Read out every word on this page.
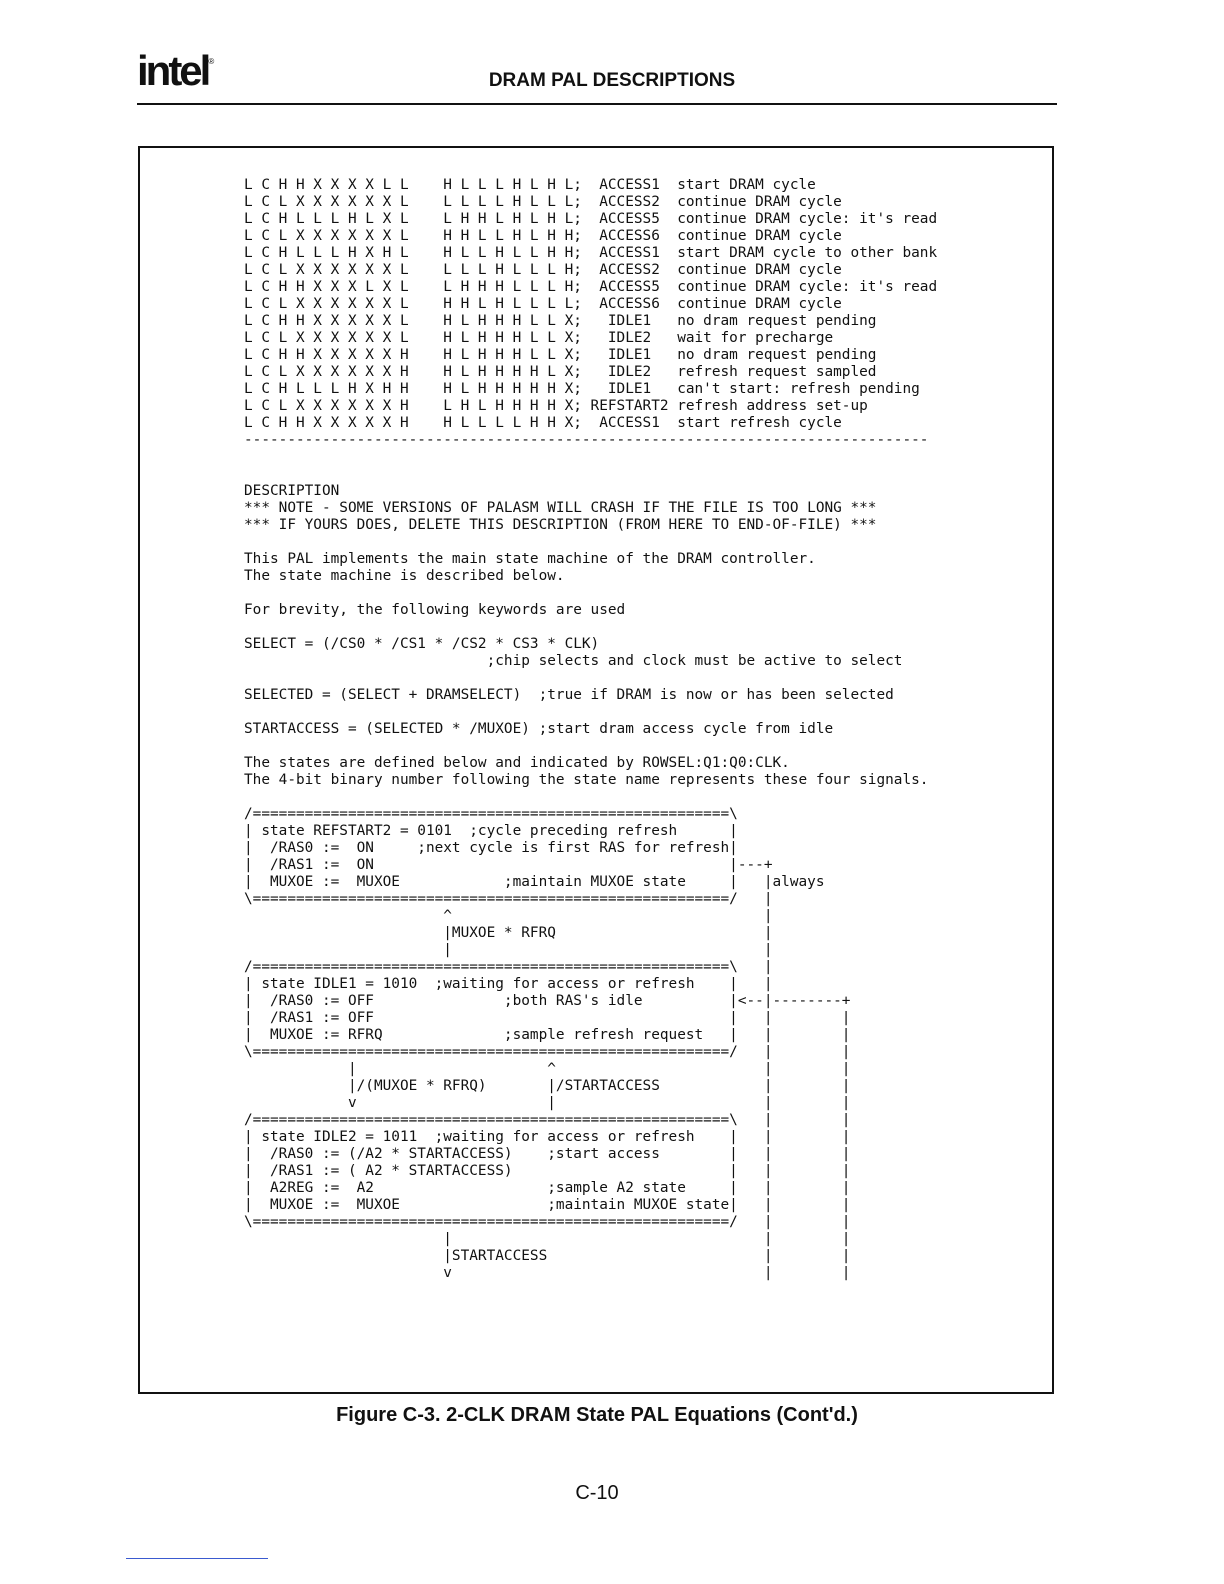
intel®
DRAM PAL DESCRIPTIONS
L C H H X X X X L L    H L L L H L H L;  ACCESS1  start DRAM cycle
L C L X X X X X X L    L L L L H L L L;  ACCESS2  continue DRAM cycle
L C H L L L H L X L    L H H L H L H L;  ACCESS5  continue DRAM cycle: it's read
L C L X X X X X X L    H H L L H L H H;  ACCESS6  continue DRAM cycle
L C H L L L H X H L    H L L H L L H H;  ACCESS1  start DRAM cycle to other bank
L C L X X X X X X L    L L L H L L L H;  ACCESS2  continue DRAM cycle
L C H H X X X L X L    L H H H L L L H;  ACCESS5  continue DRAM cycle: it's read
L C L X X X X X X L    H H L H L L L L;  ACCESS6  continue DRAM cycle
L C H H X X X X X L    H L H H H L L X;   IDLE1   no dram request pending
L C L X X X X X X L    H L H H H L L X;   IDLE2   wait for precharge
L C H H X X X X X H    H L H H H L L X;   IDLE1   no dram request pending
L C L X X X X X X H    H L H H H H L X;   IDLE2   refresh request sampled
L C H L L L H X H H    H L H H H H H X;   IDLE1   can't start: refresh pending
L C L X X X X X X H    L H L H H H H X; REFSTART2 refresh address set-up
L C H H X X X X X H    H L L L L H H X;  ACCESS1  start refresh cycle
-------------------------------------------------------------------------------

DESCRIPTION
*** NOTE - SOME VERSIONS OF PALASM WILL CRASH IF THE FILE IS TOO LONG ***
*** IF YOURS DOES, DELETE THIS DESCRIPTION (FROM HERE TO END-OF-FILE) ***

This PAL implements the main state machine of the DRAM controller.
The state machine is described below.

For brevity, the following keywords are used

SELECT = (/CS0 * /CS1 * /CS2 * CS3 * CLK)
;chip selects and clock must be active to select

SELECTED = (SELECT + DRAMSELECT)  ;true if DRAM is now or has been selected

STARTACCESS = (SELECTED * /MUXOE) ;start dram access cycle from idle

The states are defined below and indicated by ROWSEL:Q1:Q0:CLK.
The 4-bit binary number following the state name represents these four signals.

/=======================================================\
| state REFSTART2 = 0101  ;cycle preceding refresh      |
|  /RAS0 :=  ON     ;next cycle is first RAS for refresh|
|  /RAS1 :=  ON                                         |---+
|  MUXOE :=  MUXOE            ;maintain MUXOE state     |   |always
\=======================================================/   |
^                                    |
|MUXOE * RFRQ                        |
|                                    |
/=======================================================\   |
| state IDLE1 = 1010  ;waiting for access or refresh    |   |
|  /RAS0 := OFF               ;both RAS's idle          |<--|--------+
|  /RAS1 := OFF                                         |   |        |
|  MUXOE := RFRQ              ;sample refresh request   |   |        |
\=======================================================/   |        |
|                      ^                        |        |
|/(MUXOE * RFRQ)       |/STARTACCESS            |        |
v                      |                        |        |
/=======================================================\   |        |
| state IDLE2 = 1011  ;waiting for access or refresh    |   |        |
|  /RAS0 := (/A2 * STARTACCESS)    ;start access        |   |        |
|  /RAS1 := ( A2 * STARTACCESS)                         |   |        |
|  A2REG :=  A2                    ;sample A2 state     |   |        |
|  MUXOE :=  MUXOE                 ;maintain MUXOE state|   |        |
\=======================================================/   |        |
|                                    |        |
|STARTACCESS                         |        |
v                                    |        |

Figure C-3. 2-CLK DRAM State PAL Equations (Cont'd.)
C-10
